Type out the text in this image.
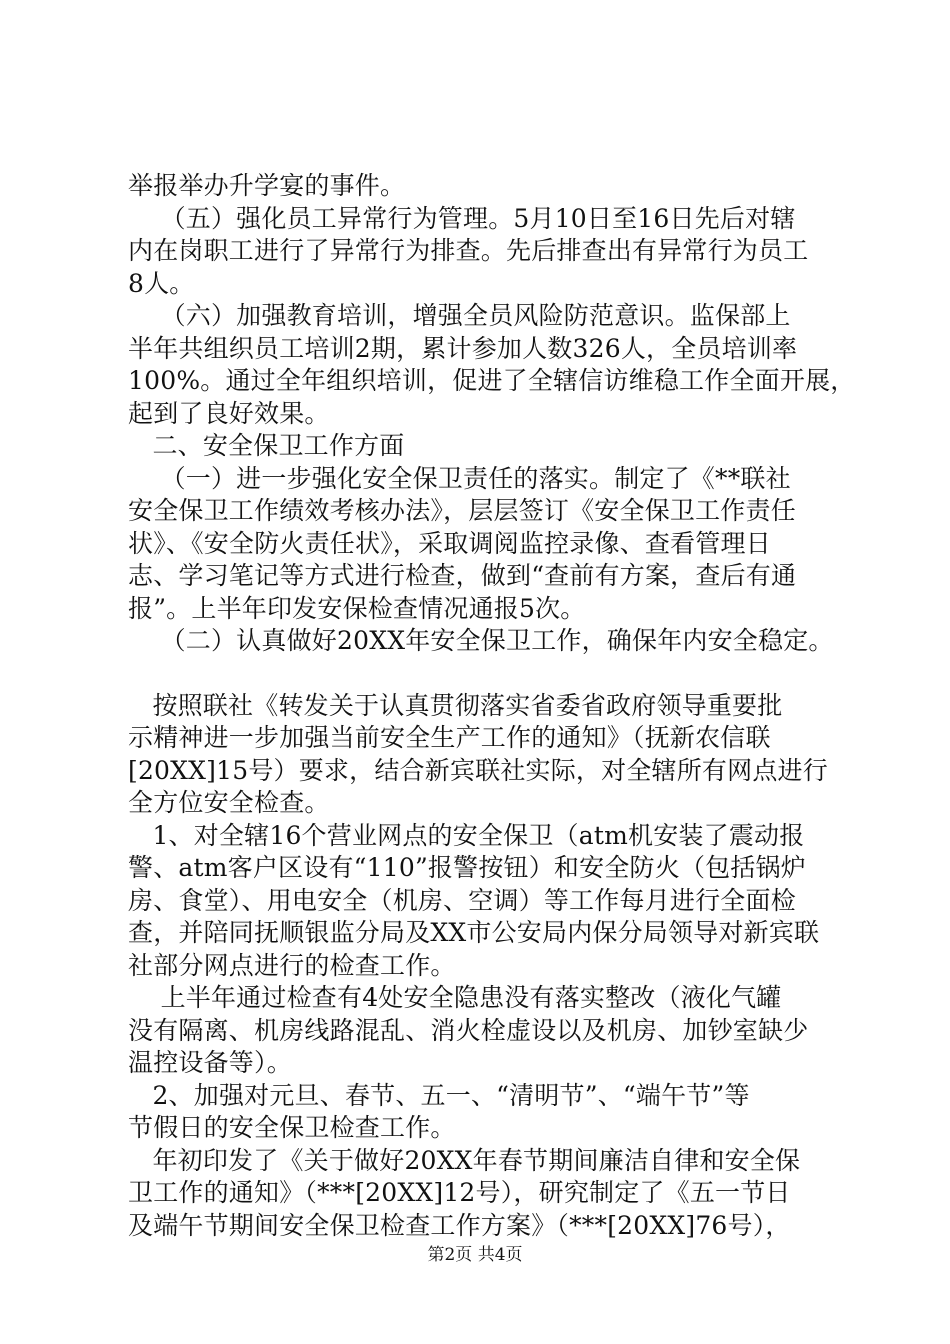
举报举办升学宴的事件。
（五）强化员工异常行为管理。5月10日至16日先后对辖
内在岗职工进行了异常行为排查。先后排查出有异常行为员工
8人。
（六）加强教育培训，增强全员风险防范意识。监保部上
半年共组织员工培训2期，累计参加人数326人，全员培训率
100%。通过全年组织培训，促进了全辖信访维稳工作全面开展，
起到了良好效果。
二、安全保卫工作方面
（一）进一步强化安全保卫责任的落实。制定了《**联社
安全保卫工作绩效考核办法》，层层签订《安全保卫工作责任
状》、《安全防火责任状》，采取调阅监控录像、查看管理日
志、学习笔记等方式进行检查，做到“查前有方案，查后有通
报”。上半年印发安保检查情况通报5次。
（二）认真做好20XX年安全保卫工作，确保年内安全稳定。
按照联社《转发关于认真贯彻落实省委省政府领导重要批
示精神进一步加强当前安全生产工作的通知》（抚新农信联
[20XX]15号）要求，结合新宾联社实际，对全辖所有网点进行
全方位安全检查。
1、对全辖16个营业网点的安全保卫（atm机安装了震动报
警、atm客户区设有“110”报警按钮）和安全防火（包括锅炉
房、食堂）、用电安全（机房、空调）等工作每月进行全面检
查，并陪同抚顺银监分局及XX市公安局内保分局领导对新宾联
社部分网点进行的检查工作。
上半年通过检查有4处安全隐患没有落实整改（液化气罐
没有隔离、机房线路混乱、消火栓虚设以及机房、加钞室缺少
温控设备等）。
2、加强对元旦、春节、五一、“清明节”、“端午节”等
节假日的安全保卫检查工作。
年初印发了《关于做好20XX年春节期间廉洁自律和安全保
卫工作的通知》（***[20XX]12号），研究制定了《五一节日
及端午节期间安全保卫检查工作方案》（***[20XX]76号），
第2页 共4页
